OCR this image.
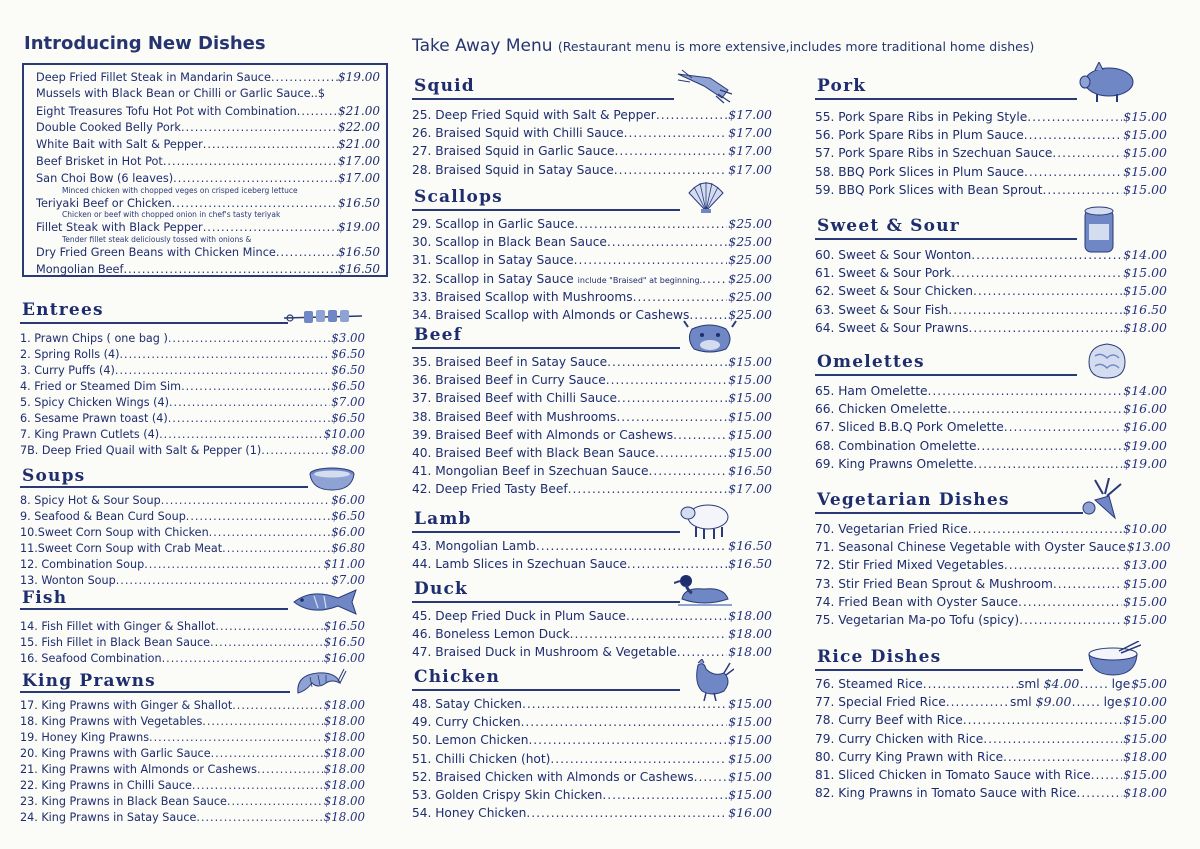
Introducing New Dishes
Deep Fried Fillet Steak in Mandarin Sauce .....	$19.00
Mussels with Black Bean or Chilli or Garlic Sauce..$
Eight Treasures Tofu Hot Pot with Combination .....	$21.00
Double Cooked Belly Pork .....	$22.00
White Bait with Salt & Pepper .....	$21.00
Beef Brisket in Hot Pot .....	$17.00
San Choi Bow (6 leaves) .....	$17.00
Minced chicken with chopped veges on crisped iceberg lettuce
Teriyaki Beef or Chicken .....	$16.50
Chicken or beef with chopped onion in chef's tasty teriyak
Fillet Steak with Black Pepper .....	$19.00
Tender fillet steak deliciously tossed with onions &
Dry Fried Green Beans with Chicken Mince .....	$16.50
Mongolian Beef .....	$16.50
Entrees
1. Prawn Chips ( one bag ) .....	$3.00
2. Spring Rolls (4) .....	$6.50
3. Curry Puffs (4) .....	$6.50
4. Fried or Steamed Dim Sim .....	$6.50
5. Spicy Chicken Wings (4) .....	$7.00
6. Sesame Prawn toast (4) .....	$6.50
7. King Prawn Cutlets (4) .....	$10.00
7B. Deep Fried Quail with Salt & Pepper (1) .....	$8.00
Soups
8. Spicy Hot & Sour Soup .....	$6.00
9. Seafood & Bean Curd Soup .....	$6.50
10.Sweet Corn Soup with Chicken .....	$6.00
11.Sweet Corn Soup with Crab Meat .....	$6.80
12. Combination Soup .....	$11.00
13. Wonton Soup .....	$7.00
Fish
14. Fish Fillet with Ginger & Shallot .....	$16.50
15. Fish Fillet in Black Bean Sauce .....	$16.50
16. Seafood Combination .....	$16.00
King Prawns
17. King Prawns with Ginger & Shallot .....	$18.00
18. King Prawns with Vegetables .....	$18.00
19. Honey King Prawns .....	$18.00
20. King Prawns with Garlic Sauce .....	$18.00
21. King Prawns with Almonds or Cashews .....	$18.00
22. King Prawns in Chilli Sauce .....	$18.00
23. King Prawns in Black Bean Sauce .....	$18.00
24. King Prawns in Satay Sauce .....	$18.00
Take Away Menu (Restaurant menu is more extensive,includes more traditional home dishes)
Squid
25. Deep Fried Squid with Salt & Pepper .....	$17.00
26. Braised Squid with Chilli Sauce .....	$17.00
27. Braised Squid in Garlic Sauce .....	$17.00
28. Braised Squid in Satay Sauce .....	$17.00
Scallops
29. Scallop in Garlic Sauce .....	$25.00
30. Scallop in Black Bean Sauce .....	$25.00
31. Scallop in Satay Sauce .....	$25.00
32. Scallop in Satay Sauce include "Braised" at beginning. ..... $25.00
33. Braised Scallop with Mushrooms .....	$25.00
34. Braised Scallop with Almonds or Cashews .....	$25.00
Beef
35. Braised Beef in Satay Sauce .....	$15.00
36. Braised Beef in Curry Sauce .....	$15.00
37. Braised Beef with Chilli Sauce .....	$15.00
38. Braised Beef with Mushrooms .....	$15.00
39. Braised Beef with Almonds or Cashews .....	$15.00
40. Braised Beef with Black Bean Sauce .....	$15.00
41. Mongolian Beef in Szechuan Sauce .....	$16.50
42. Deep Fried Tasty Beef .....	$17.00
Lamb
43. Mongolian Lamb .....	$16.50
44. Lamb Slices in Szechuan Sauce .....	$16.50
Duck
45. Deep Fried Duck in Plum Sauce .....	$18.00
46. Boneless Lemon Duck .....	$18.00
47. Braised Duck in Mushroom & Vegetable .....	$18.00
Chicken
48. Satay Chicken .....	$15.00
49. Curry Chicken .....	$15.00
50. Lemon Chicken .....	$15.00
51. Chilli Chicken (hot) .....	$15.00
52. Braised Chicken with Almonds or Cashews .....	$15.00
53. Golden Crispy Skin Chicken .....	$15.00
54. Honey Chicken .....	$16.00
Pork
55. Pork Spare Ribs in Peking Style .....	$15.00
56. Pork Spare Ribs in Plum Sauce .....	$15.00
57. Pork Spare Ribs in Szechuan Sauce .....	$15.00
58. BBQ Pork Slices in Plum Sauce .....	$15.00
59. BBQ Pork Slices with Bean Sprout .....	$15.00
Sweet & Sour
60. Sweet & Sour Wonton .....	$14.00
61. Sweet & Sour Pork .....	$15.00
62. Sweet & Sour Chicken .....	$15.00
63. Sweet & Sour Fish .....	$16.50
64. Sweet & Sour Prawns .....	$18.00
Omelettes
65. Ham Omelette .....	$14.00
66. Chicken Omelette .....	$16.00
67. Sliced B.B.Q Pork Omelette .....	$16.00
68. Combination Omelette .....	$19.00
69. King Prawns Omelette .....	$19.00
Vegetarian Dishes
70. Vegetarian Fried Rice .....	$10.00
71. Seasonal Chinese Vegetable with Oyster Sauce $13.00
72. Stir Fried Mixed Vegetables .....	$13.00
73. Stir Fried Bean Sprout & Mushroom .....	$15.00
74. Fried Bean with Oyster Sauce .....	$15.00
75. Vegetarian Ma-po Tofu (spicy) .....	$15.00
Rice Dishes
76. Steamed Rice .....	sml $4.00 .....	lge $5.00
77. Special Fried Rice .....	sml $9.00 .....	lge $10.00
78. Curry Beef with Rice .....	$15.00
79. Curry Chicken with Rice .....	$15.00
80. Curry King Prawn with Rice .....	$18.00
81. Sliced Chicken in Tomato Sauce with Rice .....	$15.00
82. King Prawns in Tomato Sauce with Rice .....	$18.00
